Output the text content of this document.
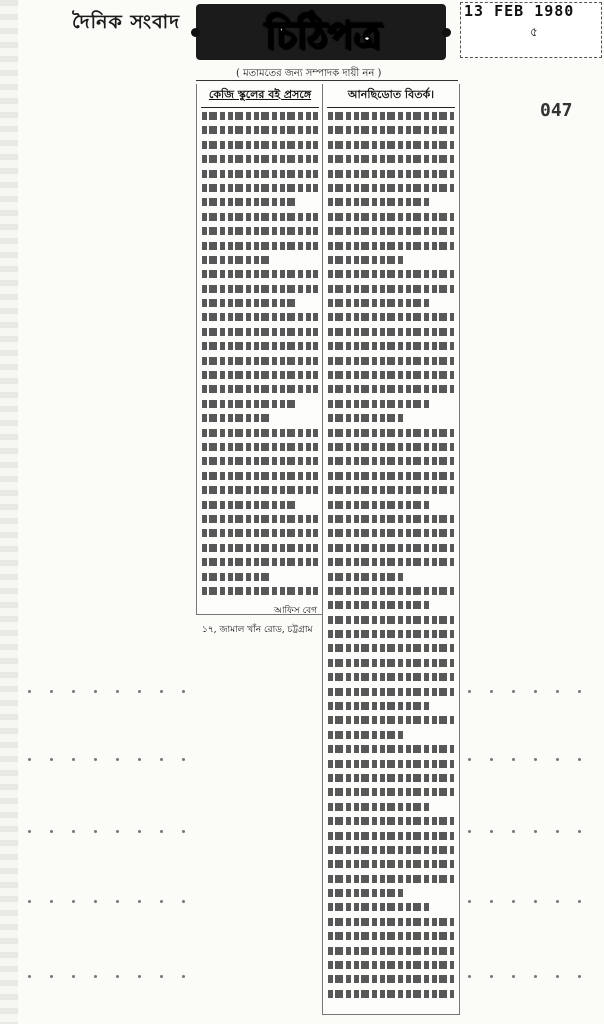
দৈনিক সংবাদ	চিঠিপত্র
13 FEB 1980
৫
047
( মতামতের জন্য সম্পাদক দায়ী নন )
কেজি স্কুলের বই প্রসঙ্গে
আফিস বেগ
১৭, জামাল খাঁন রোড, চট্টগ্রাম
আনছিডোত বিতর্ক।
